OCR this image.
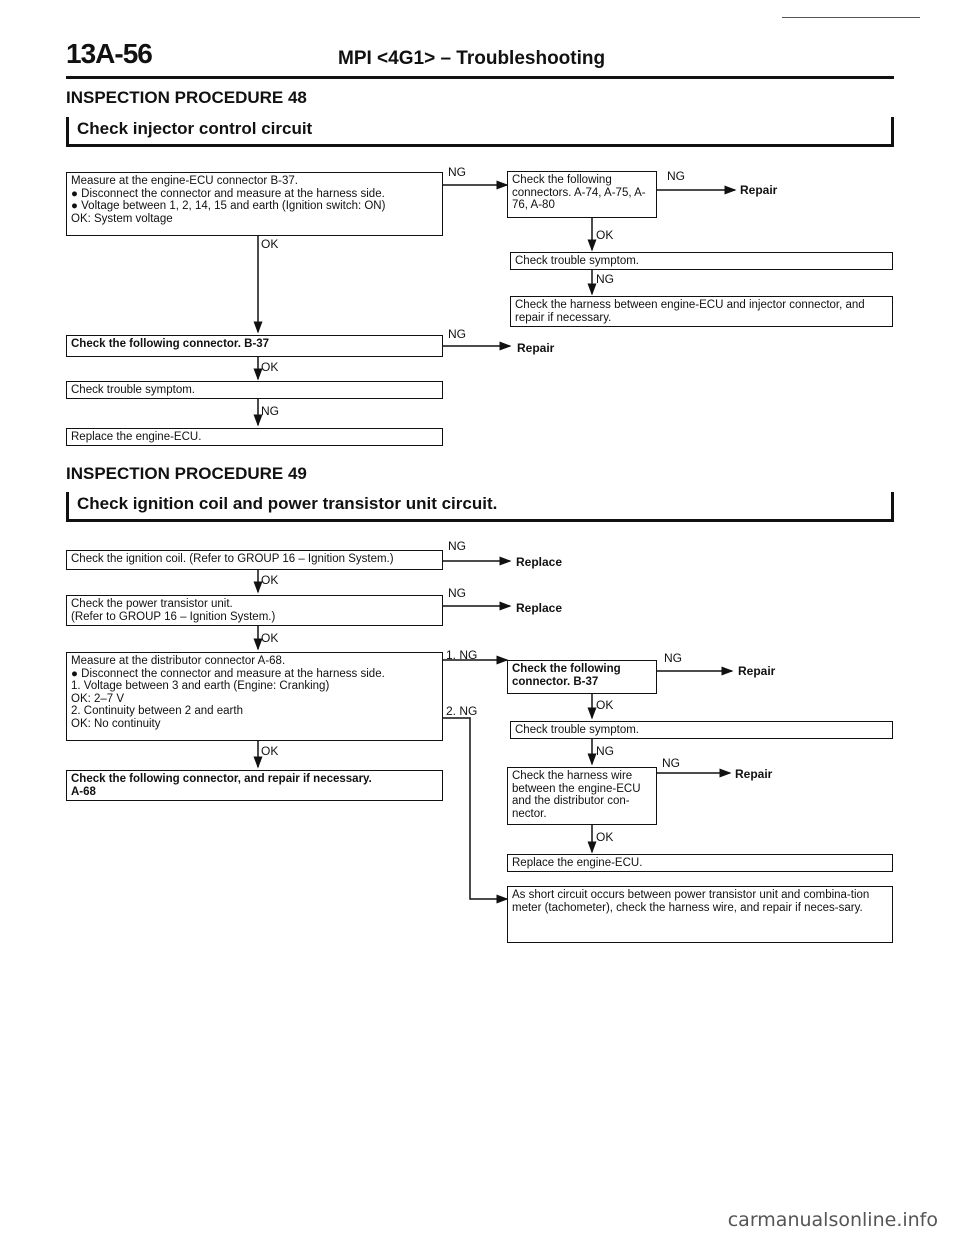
13A-56	MPI <4G1> – Troubleshooting
INSPECTION PROCEDURE 48
Check injector control circuit
Measure at the engine-ECU connector B-37.
● Disconnect the connector and measure at the harness side.
● Voltage between 1, 2, 14, 15 and earth (Ignition switch: ON)
OK: System voltage
Check the following connectors. A-74, A-75, A-76, A-80
Check trouble symptom.
Check the harness between engine-ECU and injector connector, and repair if necessary.
Check the following connector. B-37
Check trouble symptom.
Replace the engine-ECU.
NG	NG
Repair
OK
OK
NG
NG
Repair
OK
NG
INSPECTION PROCEDURE 49
Check ignition coil and power transistor unit circuit.
Check the ignition coil. (Refer to GROUP 16 – Ignition System.)
Check the power transistor unit.
(Refer to GROUP 16 – Ignition System.)
Measure at the distributor connector A-68.
● Disconnect the connector and measure at the harness side.
1. Voltage between 3 and earth (Engine: Cranking)
OK: 2–7 V
2. Continuity between 2 and earth
OK: No continuity
Check the following connector, and repair if necessary.
A-68
Check the following connector. B-37
Check trouble symptom.
Check the harness wire between the engine-ECU and the distributor con-nector.
Replace the engine-ECU.
As short circuit occurs between power transistor unit and combina-tion meter (tachometer), check the harness wire, and repair if neces-sary.
NG
Replace
OK
NG
Replace
OK
1. NG
2. NG
NG
Repair
OK
OK	NG
NG
Repair
OK
carmanualsonline.info
